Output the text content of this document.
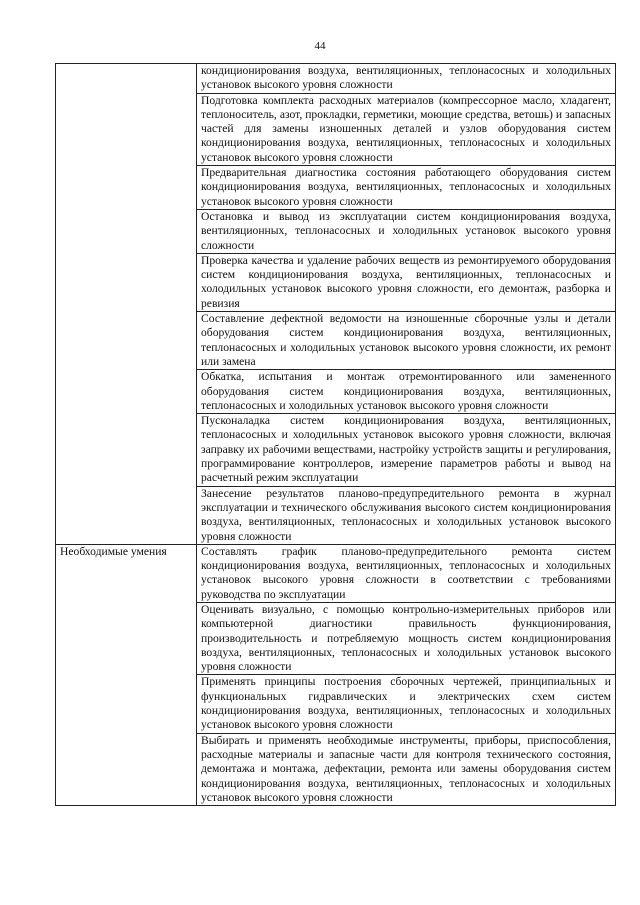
44
	кондиционирования воздуха, вентиляционных, теплонасосных и холодильных установок высокого уровня сложности
	Подготовка комплекта расходных материалов (компрессорное масло, хладагент, теплоноситель, азот, прокладки, герметики, моющие средства, ветошь) и запасных частей для замены изношенных деталей и узлов оборудования систем кондиционирования воздуха, вентиляционных, теплонасосных и холодильных установок высокого уровня сложности
	Предварительная диагностика состояния работающего оборудования систем кондиционирования воздуха, вентиляционных, теплонасосных и холодильных установок высокого уровня сложности
	Остановка и вывод из эксплуатации систем кондиционирования воздуха, вентиляционных, теплонасосных и холодильных установок высокого уровня сложности
	Проверка качества и удаление рабочих веществ из ремонтируемого оборудования систем кондиционирования воздуха, вентиляционных, теплонасосных и холодильных установок высокого уровня сложности, его демонтаж, разборка и ревизия
	Составление дефектной ведомости на изношенные сборочные узлы и детали оборудования систем кондиционирования воздуха, вентиляционных, теплонасосных и холодильных установок высокого уровня сложности, их ремонт или замена
	Обкатка, испытания и монтаж отремонтированного или замененного оборудования систем кондиционирования воздуха, вентиляционных, теплонасосных и холодильных установок высокого уровня сложности
	Пусконаладка систем кондиционирования воздуха, вентиляционных, теплонасосных и холодильных установок высокого уровня сложности, включая заправку их рабочими веществами, настройку устройств защиты и регулирования, программирование контроллеров, измерение параметров работы и вывод на расчетный режим эксплуатации
	Занесение результатов планово-предупредительного ремонта в журнал эксплуатации и технического обслуживания высокого систем кондиционирования воздуха, вентиляционных, теплонасосных и холодильных установок высокого уровня сложности
Необходимые умения	Составлять график планово-предупредительного ремонта систем кондиционирования воздуха, вентиляционных, теплонасосных и холодильных установок высокого уровня сложности в соответствии с требованиями руководства по эксплуатации
	Оценивать визуально, с помощью контрольно-измерительных приборов или компьютерной диагностики правильность функционирования, производительность и потребляемую мощность систем кондиционирования воздуха, вентиляционных, теплонасосных и холодильных установок высокого уровня сложности
	Применять принципы построения сборочных чертежей, принципиальных и функциональных гидравлических и электрических схем систем кондиционирования воздуха, вентиляционных, теплонасосных и холодильных установок высокого уровня сложности
	Выбирать и применять необходимые инструменты, приборы, приспособления, расходные материалы и запасные части для контроля технического состояния, демонтажа и монтажа, дефектации, ремонта или замены оборудования систем кондиционирования воздуха, вентиляционных, теплонасосных и холодильных установок высокого уровня сложности
